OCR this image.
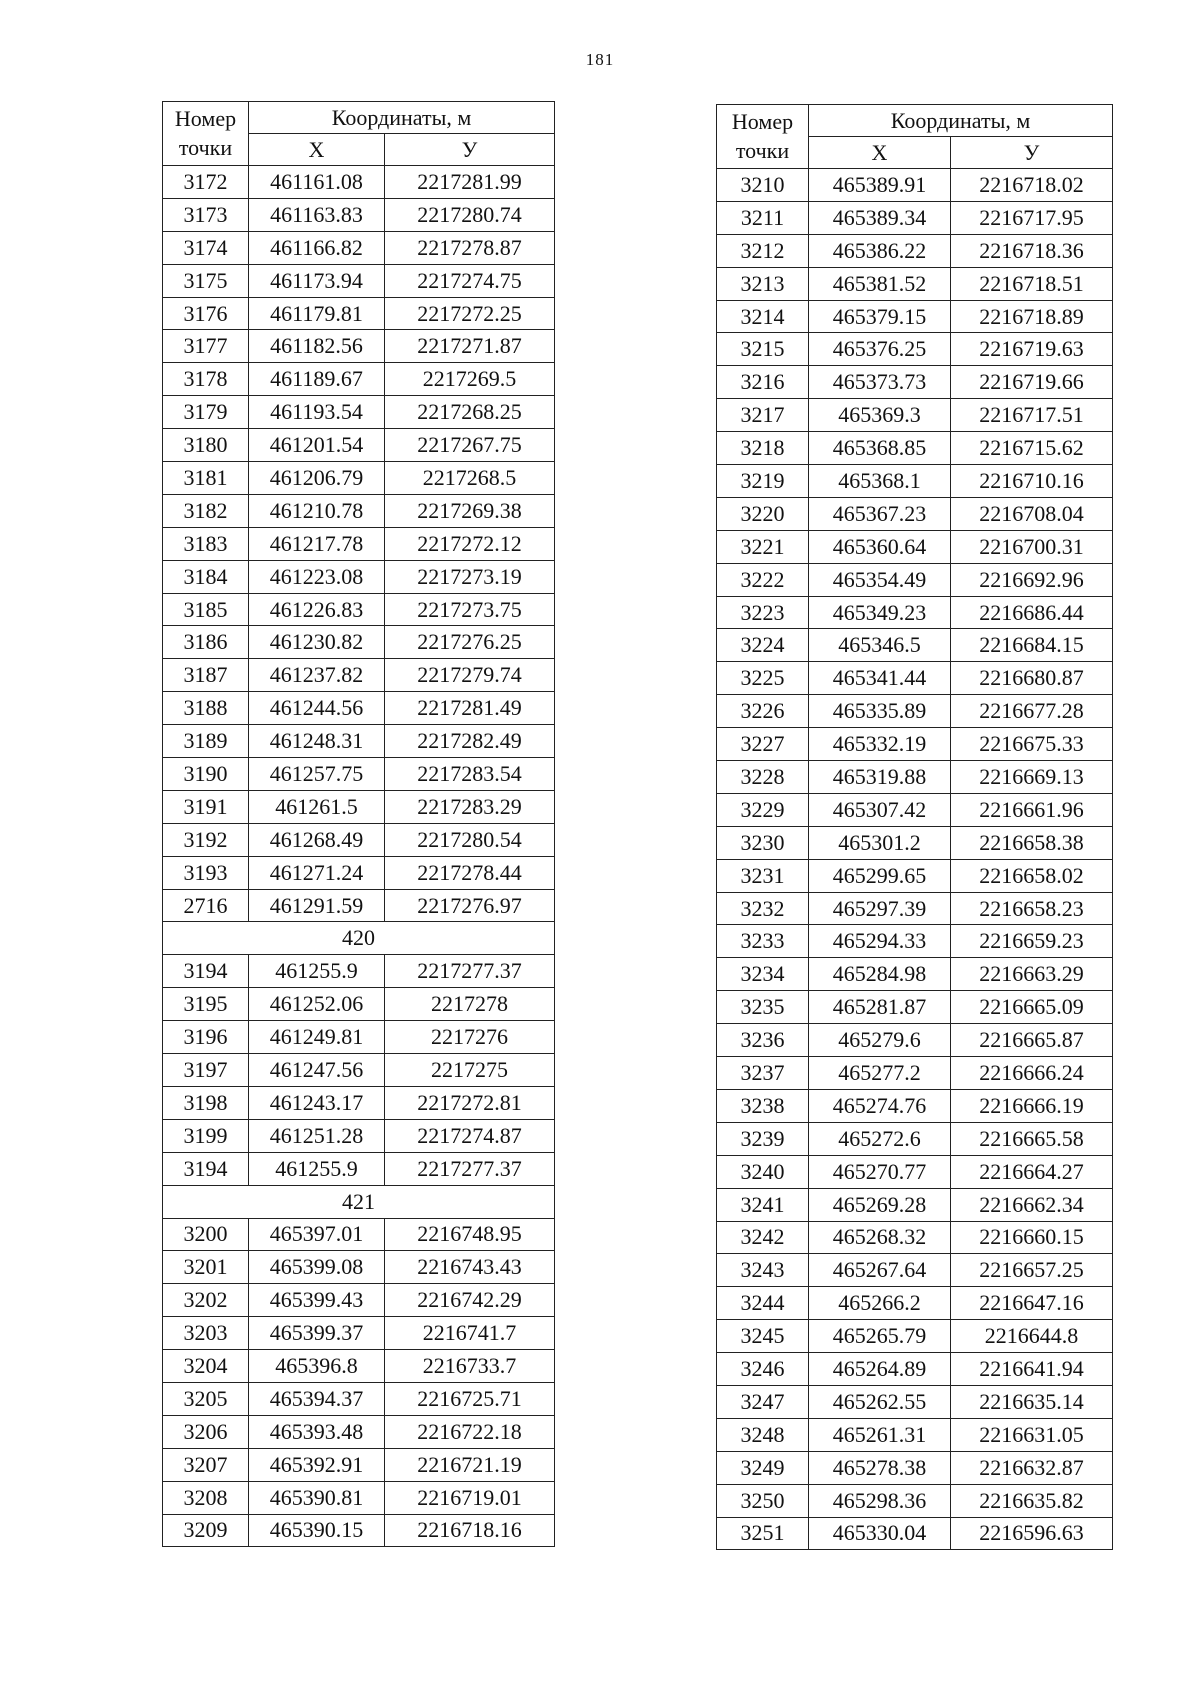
181
Номер
точки	Координаты, м	
	X	У
3172	461161.08	2217281.99
3173	461163.83	2217280.74
3174	461166.82	2217278.87
3175	461173.94	2217274.75
3176	461179.81	2217272.25
3177	461182.56	2217271.87
3178	461189.67	2217269.5
3179	461193.54	2217268.25
3180	461201.54	2217267.75
3181	461206.79	2217268.5
3182	461210.78	2217269.38
3183	461217.78	2217272.12
3184	461223.08	2217273.19
3185	461226.83	2217273.75
3186	461230.82	2217276.25
3187	461237.82	2217279.74
3188	461244.56	2217281.49
3189	461248.31	2217282.49
3190	461257.75	2217283.54
3191	461261.5	2217283.29
3192	461268.49	2217280.54
3193	461271.24	2217278.44
2716	461291.59	2217276.97
420		
3194	461255.9	2217277.37
3195	461252.06	2217278
3196	461249.81	2217276
3197	461247.56	2217275
3198	461243.17	2217272.81
3199	461251.28	2217274.87
3194	461255.9	2217277.37
421		
3200	465397.01	2216748.95
3201	465399.08	2216743.43
3202	465399.43	2216742.29
3203	465399.37	2216741.7
3204	465396.8	2216733.7
3205	465394.37	2216725.71
3206	465393.48	2216722.18
3207	465392.91	2216721.19
3208	465390.81	2216719.01
3209	465390.15	2216718.16
Номер
точки	Координаты, м	
	X	У
3210	465389.91	2216718.02
3211	465389.34	2216717.95
3212	465386.22	2216718.36
3213	465381.52	2216718.51
3214	465379.15	2216718.89
3215	465376.25	2216719.63
3216	465373.73	2216719.66
3217	465369.3	2216717.51
3218	465368.85	2216715.62
3219	465368.1	2216710.16
3220	465367.23	2216708.04
3221	465360.64	2216700.31
3222	465354.49	2216692.96
3223	465349.23	2216686.44
3224	465346.5	2216684.15
3225	465341.44	2216680.87
3226	465335.89	2216677.28
3227	465332.19	2216675.33
3228	465319.88	2216669.13
3229	465307.42	2216661.96
3230	465301.2	2216658.38
3231	465299.65	2216658.02
3232	465297.39	2216658.23
3233	465294.33	2216659.23
3234	465284.98	2216663.29
3235	465281.87	2216665.09
3236	465279.6	2216665.87
3237	465277.2	2216666.24
3238	465274.76	2216666.19
3239	465272.6	2216665.58
3240	465270.77	2216664.27
3241	465269.28	2216662.34
3242	465268.32	2216660.15
3243	465267.64	2216657.25
3244	465266.2	2216647.16
3245	465265.79	2216644.8
3246	465264.89	2216641.94
3247	465262.55	2216635.14
3248	465261.31	2216631.05
3249	465278.38	2216632.87
3250	465298.36	2216635.82
3251	465330.04	2216596.63
